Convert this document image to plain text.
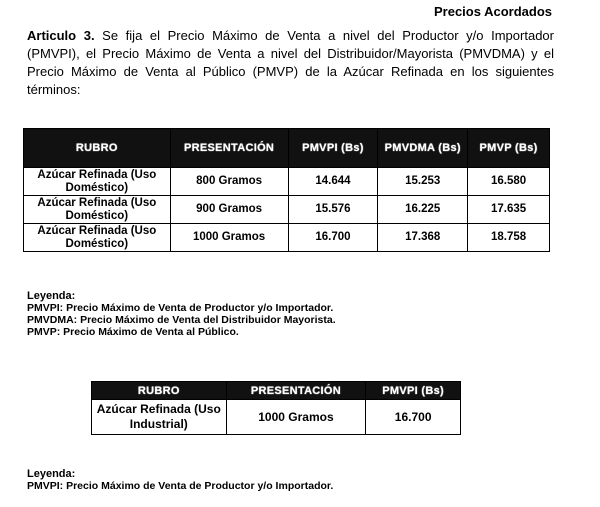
Precios Acordados
Articulo 3. Se fija el Precio Máximo de Venta a nivel del Productor y/o Importador (PMVPI), el Precio Máximo de Venta a nivel del Distribuidor/Mayorista (PMVDMA) y el Precio Máximo de Venta al Público (PMVP) de la Azúcar Refinada en los siguientes términos:
RUBRO	PRESENTACIÓN	PMVPI (Bs)	PMVDMA (Bs)	PMVP (Bs)
Azúcar Refinada (Uso Doméstico)	800 Gramos	14.644	15.253	16.580
Azúcar Refinada (Uso Doméstico)	900 Gramos	15.576	16.225	17.635
Azúcar Refinada (Uso Doméstico)	1000 Gramos	16.700	17.368	18.758
Leyenda:
PMVPI: Precio Máximo de Venta de Productor y/o Importador.
PMVDMA: Precio Máximo de Venta del Distribuidor Mayorista.
PMVP: Precio Máximo de Venta al Público.
RUBRO	PRESENTACIÓN	PMVPI (Bs)
Azúcar Refinada (Uso Industrial)	1000 Gramos	16.700
Leyenda:
PMVPI: Precio Máximo de Venta de Productor y/o Importador.
